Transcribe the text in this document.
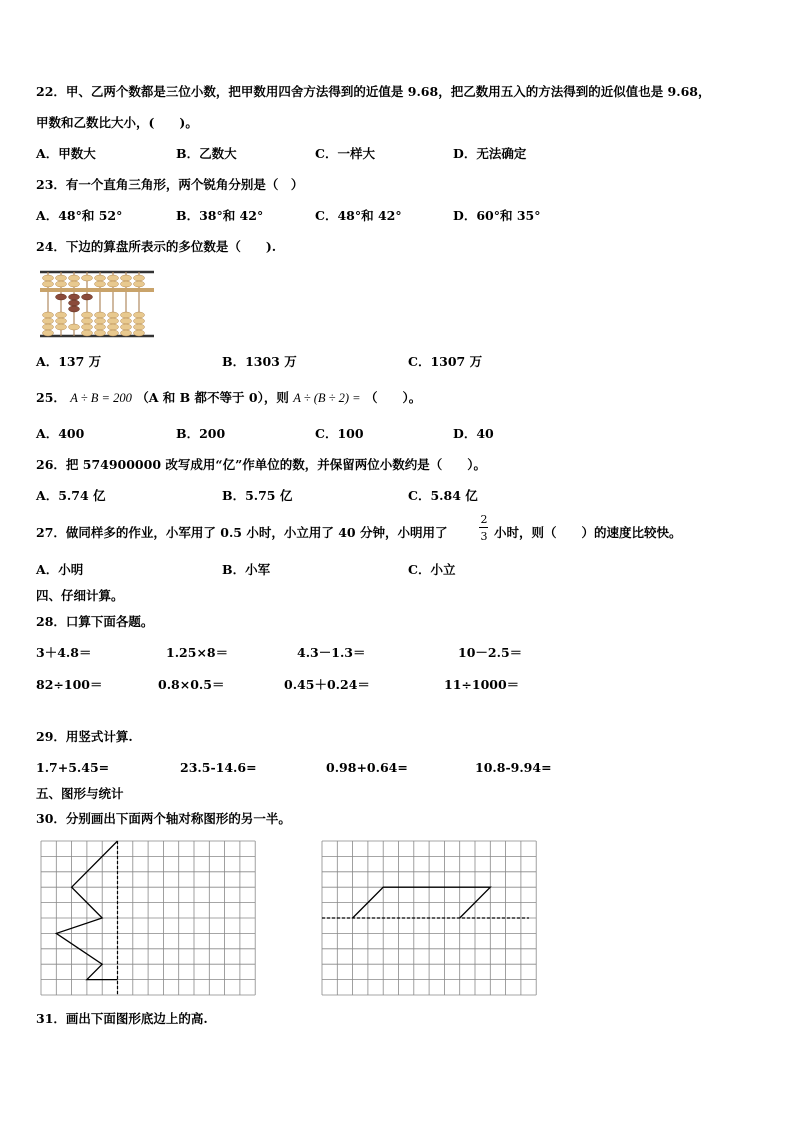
22．甲、乙两个数都是三位小数，把甲数用四舍方法得到的近值是 9.68，把乙数用五入的方法得到的近似值也是 9.68，
甲数和乙数比大小，(　　)。
A．甲数大	B．乙数大	C．一样大	D．无法确定
23．有一个直角三角形，两个锐角分别是（　）
A．48°和 52°	B．38°和 42°	C．48°和 42°	D．60°和 35°
24．下边的算盘所表示的多位数是（　　).
A．137 万	B．1303 万	C．1307 万
25． A ÷ B = 200 （A 和 B 都不等于 0），则 A ÷ (B ÷ 2) = （　　）。
A．400	B．200	C．100	D．40
26．把 574900000 改写成用“亿”作单位的数，并保留两位小数约是（　　）。
A．5.74 亿	B．5.75 亿	C．5.84 亿
27．做同样多的作业，小军用了 0.5 小时，小立用了 40 分钟，小明用了
2
3 小时，则（　　）的速度比较快。
A．小明	B．小军	C．小立
四、仔细计算。
28．口算下面各题。
3＋4.8＝	1.25×8＝	4.3－1.3＝	10－2.5＝
82÷100＝	0.8×0.5＝	0.45＋0.24＝	11÷1000＝
29．用竖式计算.
1.7+5.45=	23.5-14.6=	0.98+0.64=	10.8-9.94=
五、图形与统计
30．分别画出下面两个轴对称图形的另一半。
31．画出下面图形底边上的高.
